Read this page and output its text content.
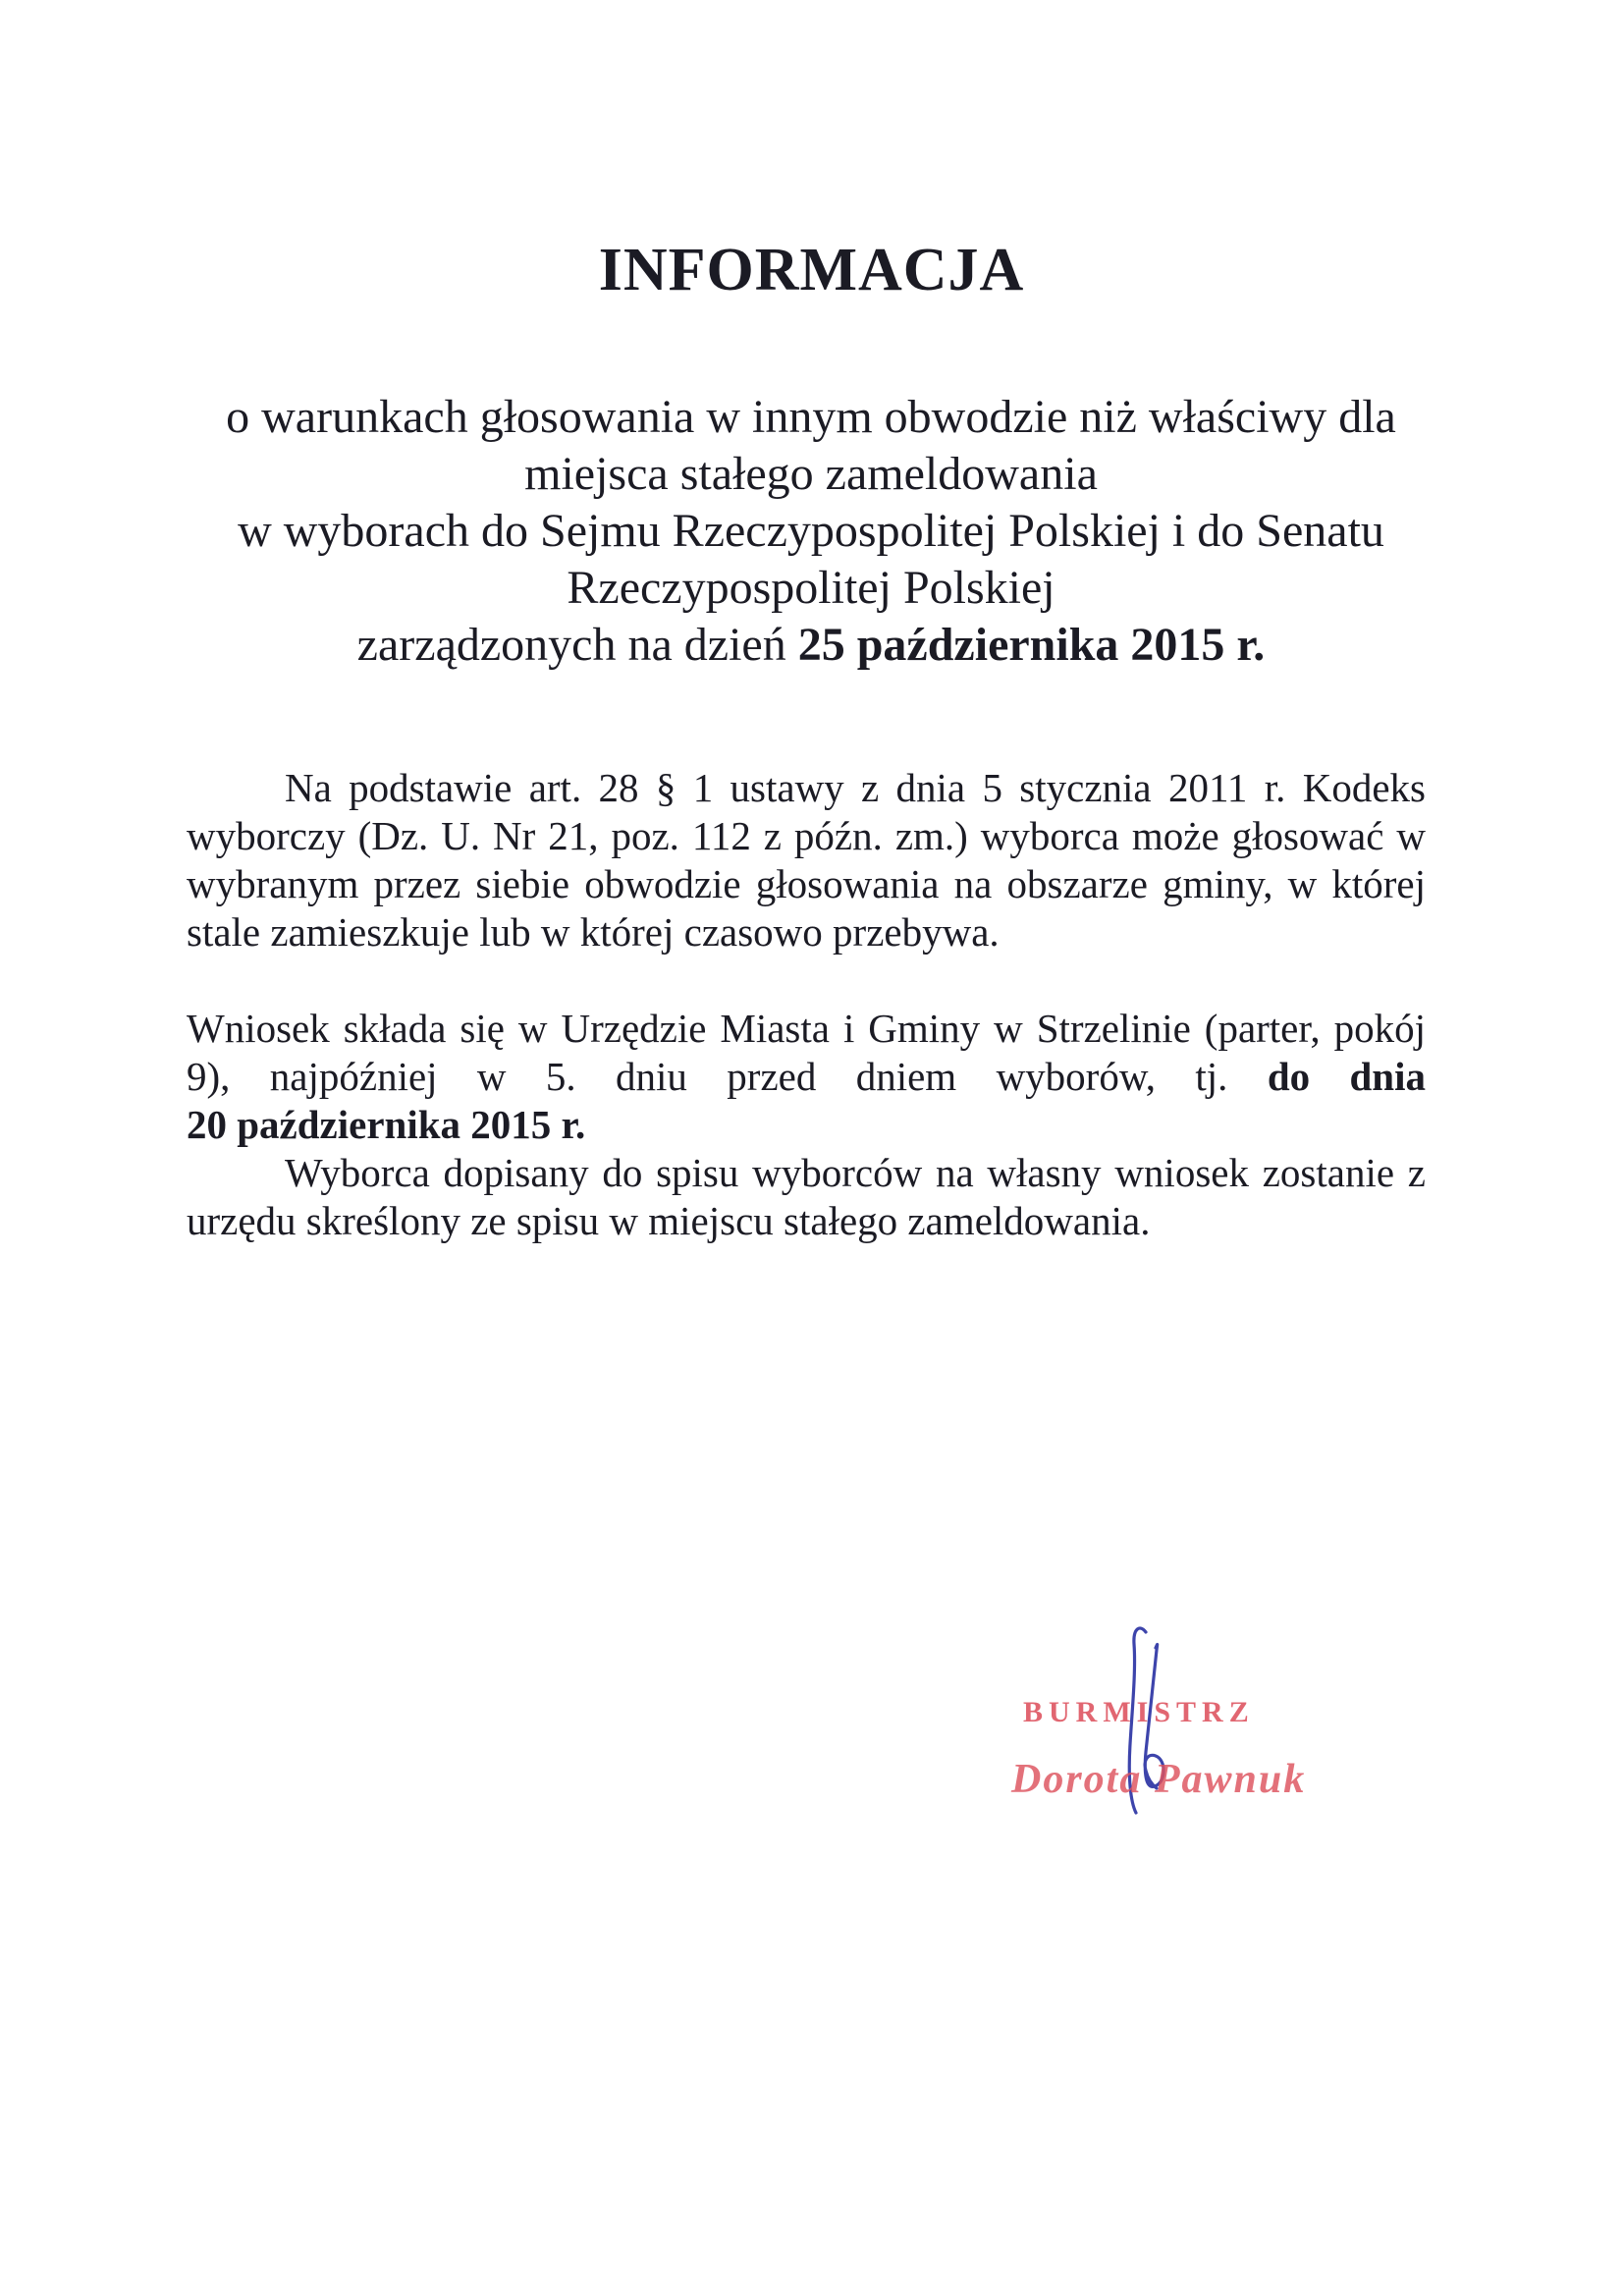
INFORMACJA
o warunkach głosowania w innym obwodzie niż właściwy dla
miejsca stałego zameldowania
w wyborach do Sejmu Rzeczypospolitej Polskiej i do Senatu
Rzeczypospolitej Polskiej
zarządzonych na dzień 25 października 2015 r.

Na podstawie art. 28 § 1 ustawy z dnia 5 stycznia 2011 r. Kodeks
wyborczy (Dz. U. Nr 21, poz. 112 z późn. zm.) wyborca może głosować w
wybranym przez siebie obwodzie głosowania na obszarze gminy, w której
stale zamieszkuje lub w której czasowo przebywa.

Wniosek składa się w Urzędzie Miasta i Gminy w Strzelinie (parter, pokój
9), najpóźniej w 5. dniu przed dniem wyborów, tj. do dnia
20 października 2015 r.

Wyborca dopisany do spisu wyborców na własny wniosek zostanie z
urzędu skreślony ze spisu w miejscu stałego zameldowania.

BURMISTRZ
Dorota Pawnuk
